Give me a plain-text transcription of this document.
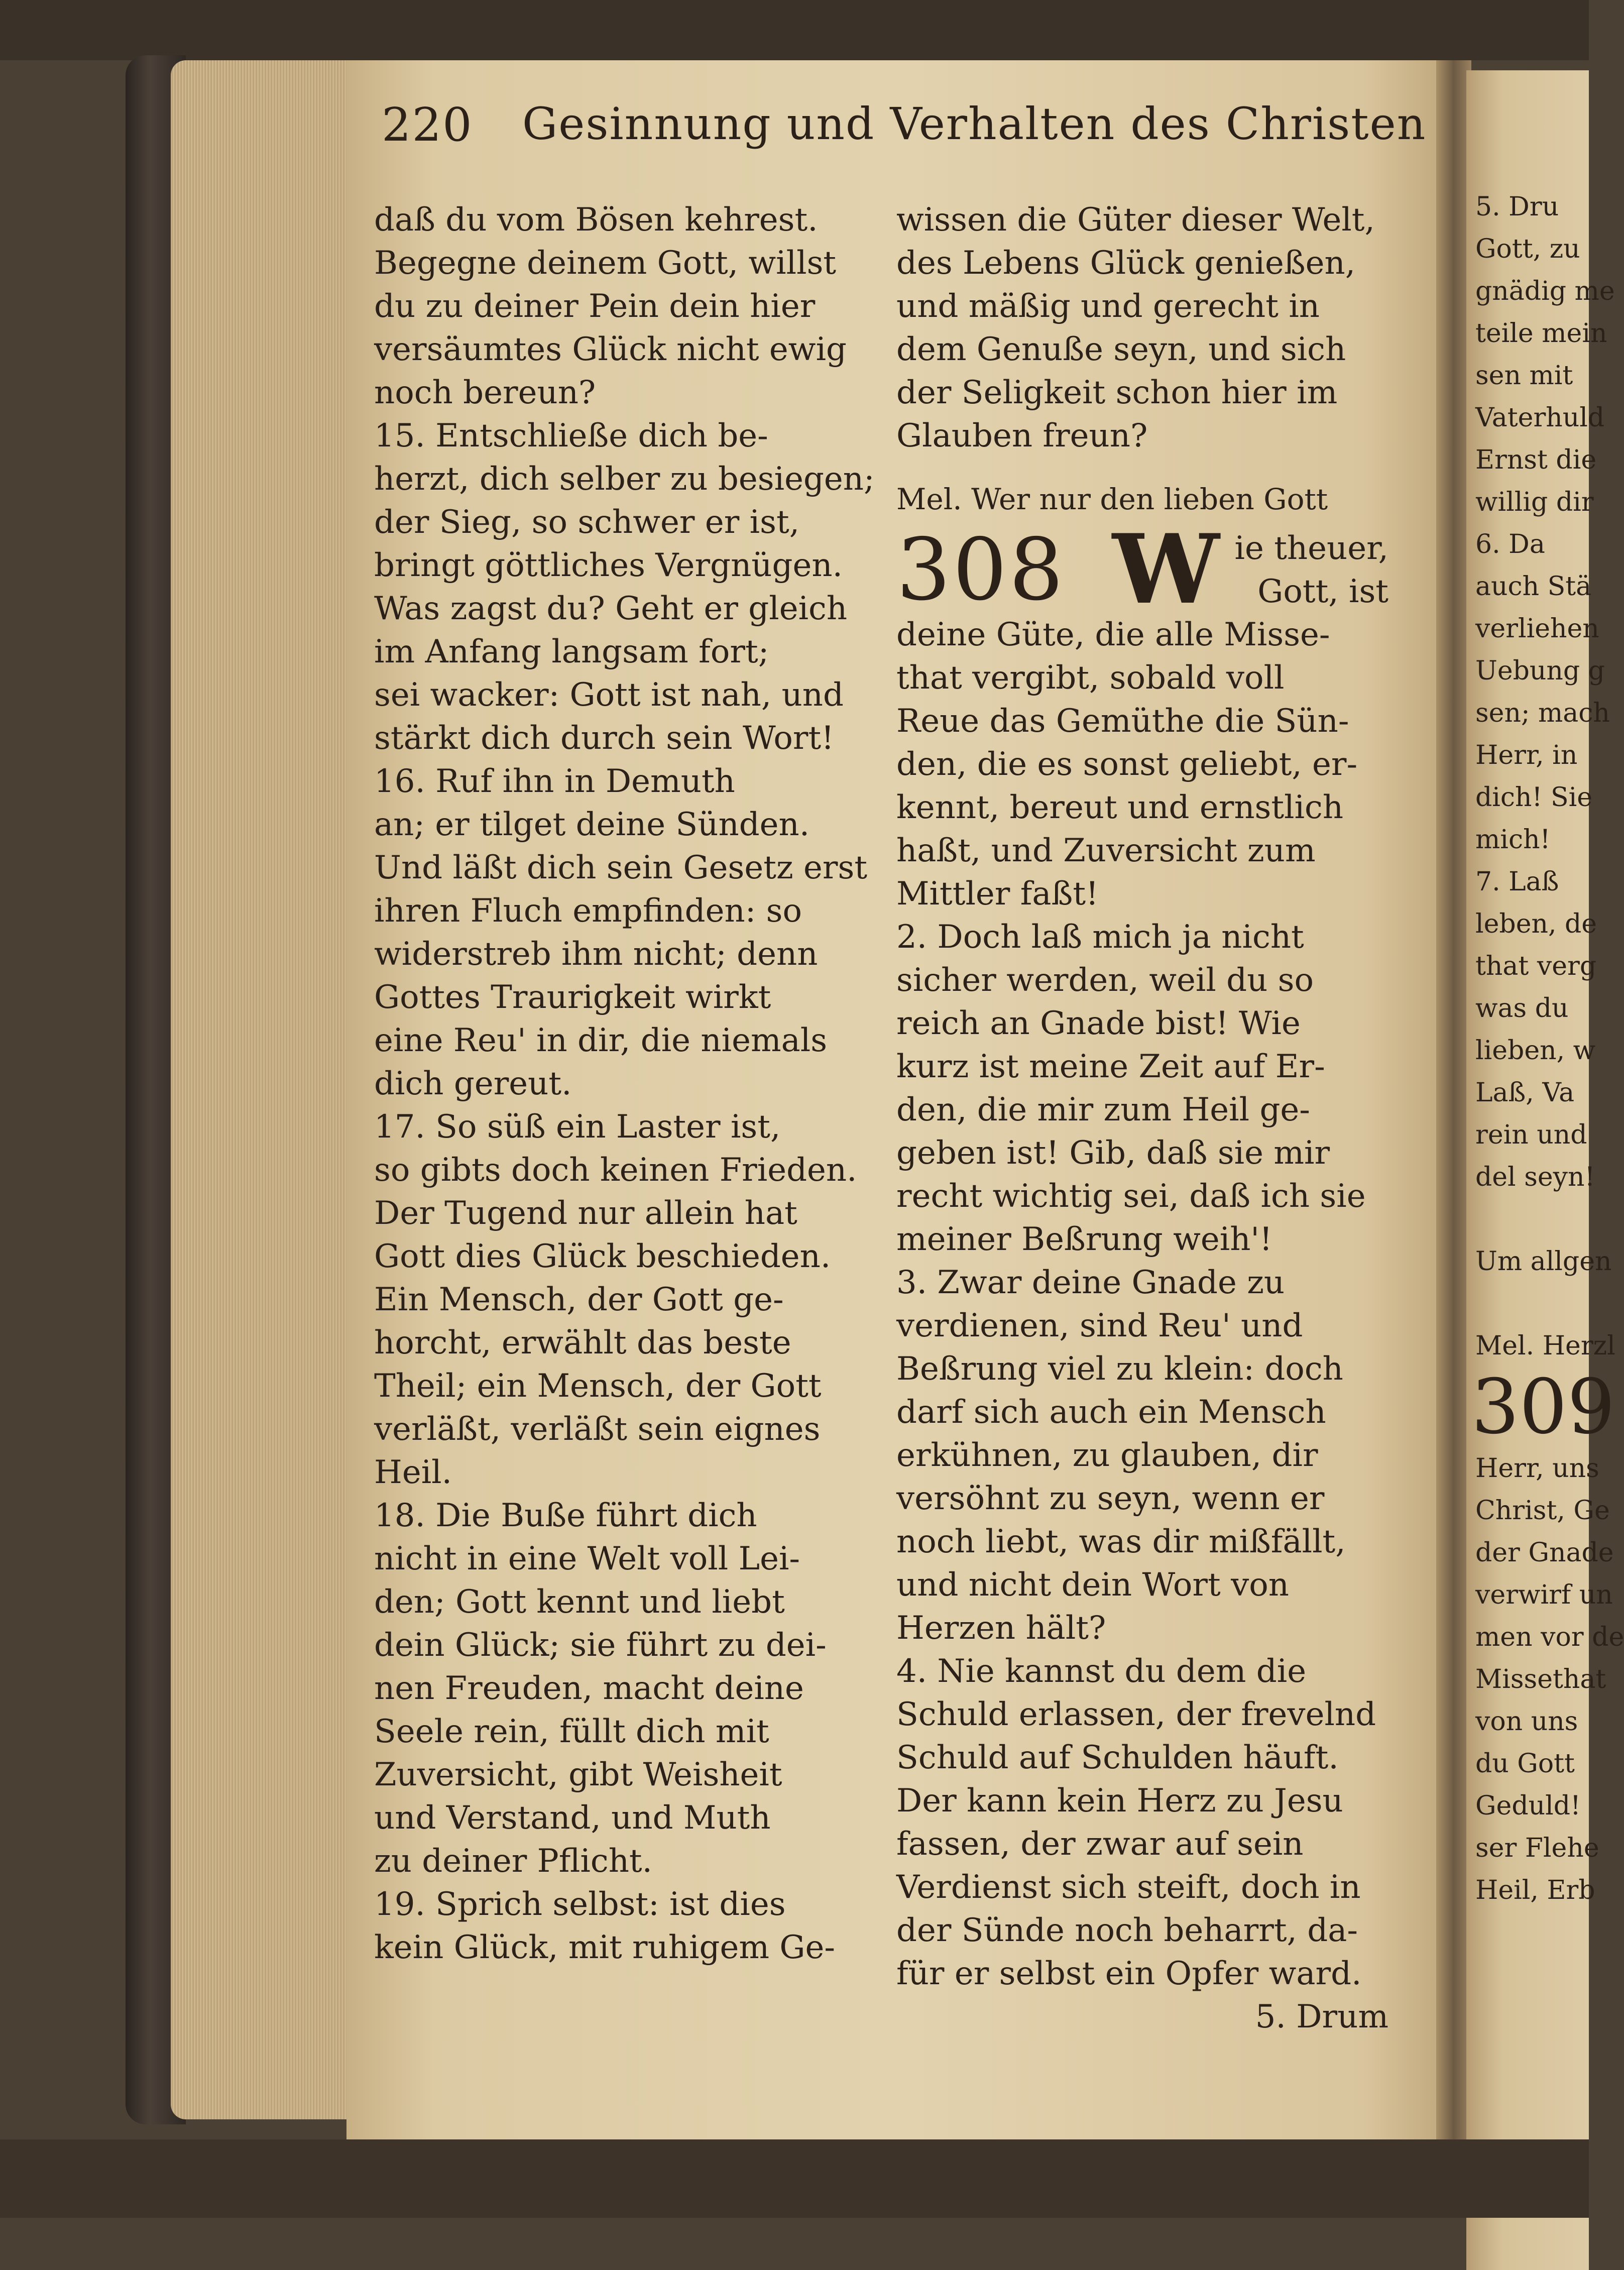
5. Dru
Gott, zu
gnädig me
teile mein
sen mit
Vaterhuld
Ernst die
willig dir
6. Da
auch Stä
verliehen
Uebung g
sen; mach
Herr, in
dich! Sie
mich!
7. Laß
leben, de
that verg
was du
lieben, w
Laß, Va
rein und
del seyn!
Um allgen
Mel. Herzl
309
Herr, uns
Christ, Ge
der Gnade
verwirf un
men vor de
Missethat
von uns
du Gott
Geduld!
ser Flehe
Heil, Erb
220 Gesinnung und Verhalten des Christen
daß du vom Bösen kehrest.
Begegne deinem Gott, willst
du zu deiner Pein dein hier
versäumtes Glück nicht ewig
noch bereun?
15. Entschließe dich be-
herzt, dich selber zu besiegen;
der Sieg, so schwer er ist,
bringt göttliches Vergnügen.
Was zagst du? Geht er gleich
im Anfang langsam fort;
sei wacker: Gott ist nah, und
stärkt dich durch sein Wort!
16. Ruf ihn in Demuth
an; er tilget deine Sünden.
Und läßt dich sein Gesetz erst
ihren Fluch empfinden: so
widerstreb ihm nicht; denn
Gottes Traurigkeit wirkt
eine Reu' in dir, die niemals
dich gereut.
17. So süß ein Laster ist,
so gibts doch keinen Frieden.
Der Tugend nur allein hat
Gott dies Glück beschieden.
Ein Mensch, der Gott ge-
horcht, erwählt das beste
Theil; ein Mensch, der Gott
verläßt, verläßt sein eignes
Heil.
18. Die Buße führt dich
nicht in eine Welt voll Lei-
den; Gott kennt und liebt
dein Glück; sie führt zu dei-
nen Freuden, macht deine
Seele rein, füllt dich mit
Zuversicht, gibt Weisheit
und Verstand, und Muth
zu deiner Pflicht.
19. Sprich selbst: ist dies
kein Glück, mit ruhigem Ge-
wissen die Güter dieser Welt,
des Lebens Glück genießen,
und mäßig und gerecht in
dem Genuße seyn, und sich
der Seligkeit schon hier im
Glauben freun?
Mel. Wer nur den lieben Gott
308 W ie theuer,
Gott, ist
deine Güte, die alle Misse-
that vergibt, sobald voll
Reue das Gemüthe die Sün-
den, die es sonst geliebt, er-
kennt, bereut und ernstlich
haßt, und Zuversicht zum
Mittler faßt!
2. Doch laß mich ja nicht
sicher werden, weil du so
reich an Gnade bist! Wie
kurz ist meine Zeit auf Er-
den, die mir zum Heil ge-
geben ist! Gib, daß sie mir
recht wichtig sei, daß ich sie
meiner Beßrung weih'!
3. Zwar deine Gnade zu
verdienen, sind Reu' und
Beßrung viel zu klein: doch
darf sich auch ein Mensch
erkühnen, zu glauben, dir
versöhnt zu seyn, wenn er
noch liebt, was dir mißfällt,
und nicht dein Wort von
Herzen hält?
4. Nie kannst du dem die
Schuld erlassen, der frevelnd
Schuld auf Schulden häuft.
Der kann kein Herz zu Jesu
fassen, der zwar auf sein
Verdienst sich steift, doch in
der Sünde noch beharrt, da-
für er selbst ein Opfer ward.
5. Drum
